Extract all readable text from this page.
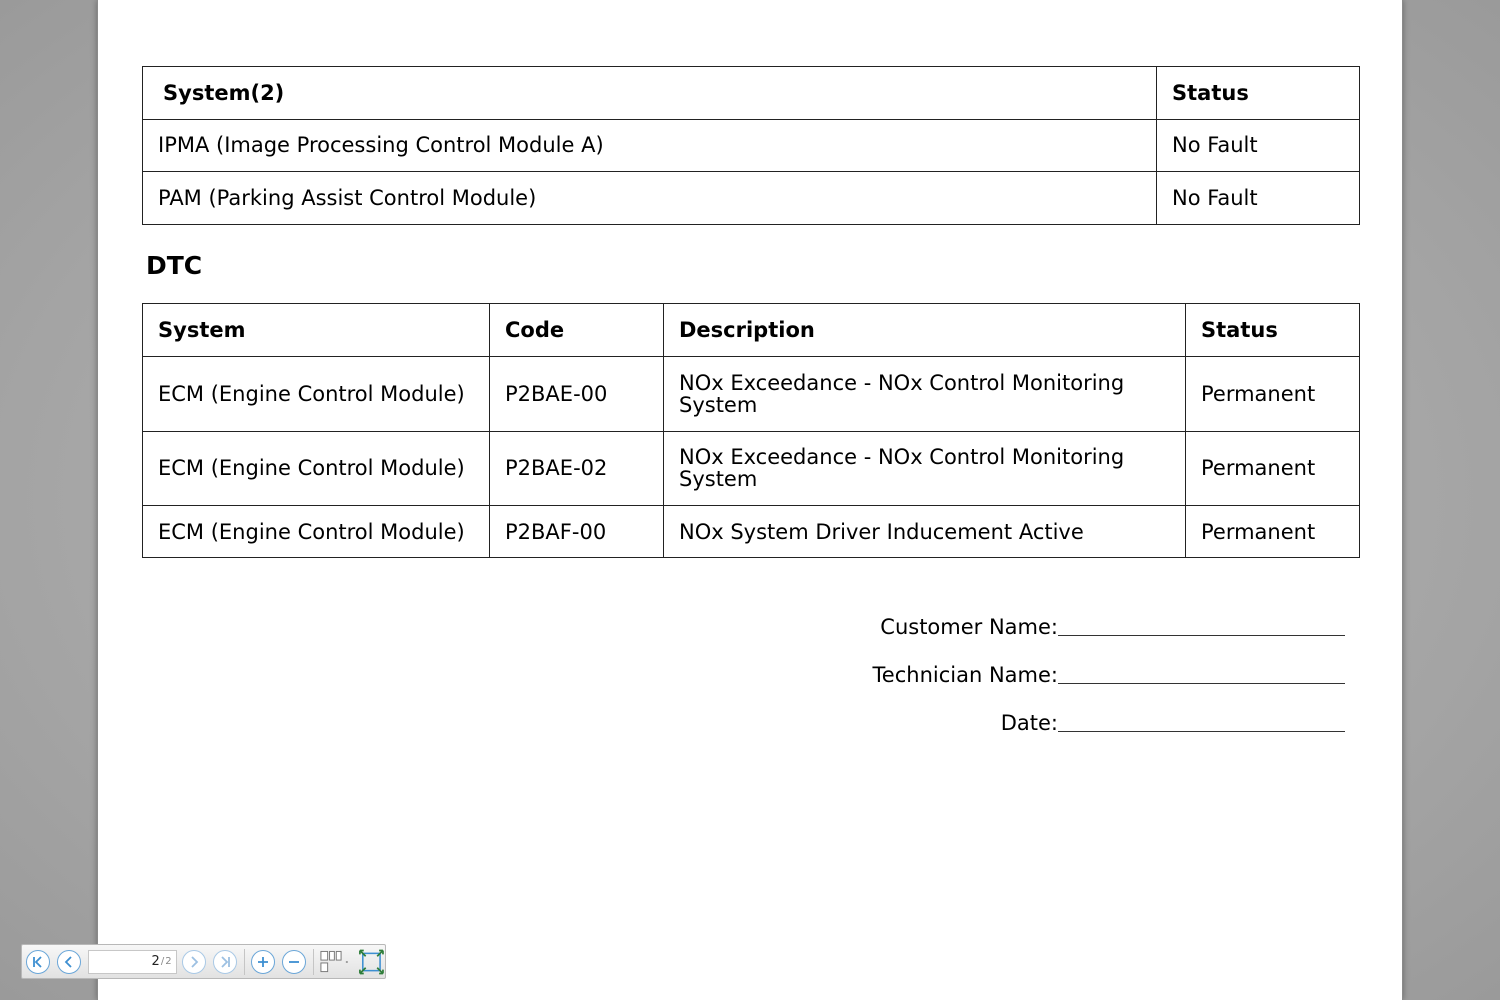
System(2)	Status
IPMA (Image Processing Control Module A)	No Fault
PAM (Parking Assist Control Module)	No Fault
DTC
System	Code	Description	Status
ECM (Engine Control Module)	P2BAE-00	NOx Exceedance - NOx Control Monitoring System	Permanent
ECM (Engine Control Module)	P2BAE-02	NOx Exceedance - NOx Control Monitoring System	Permanent
ECM (Engine Control Module)	P2BAF-00	NOx System Driver Inducement Active	Permanent
Customer Name:
Technician Name:
Date:
2 / 2
